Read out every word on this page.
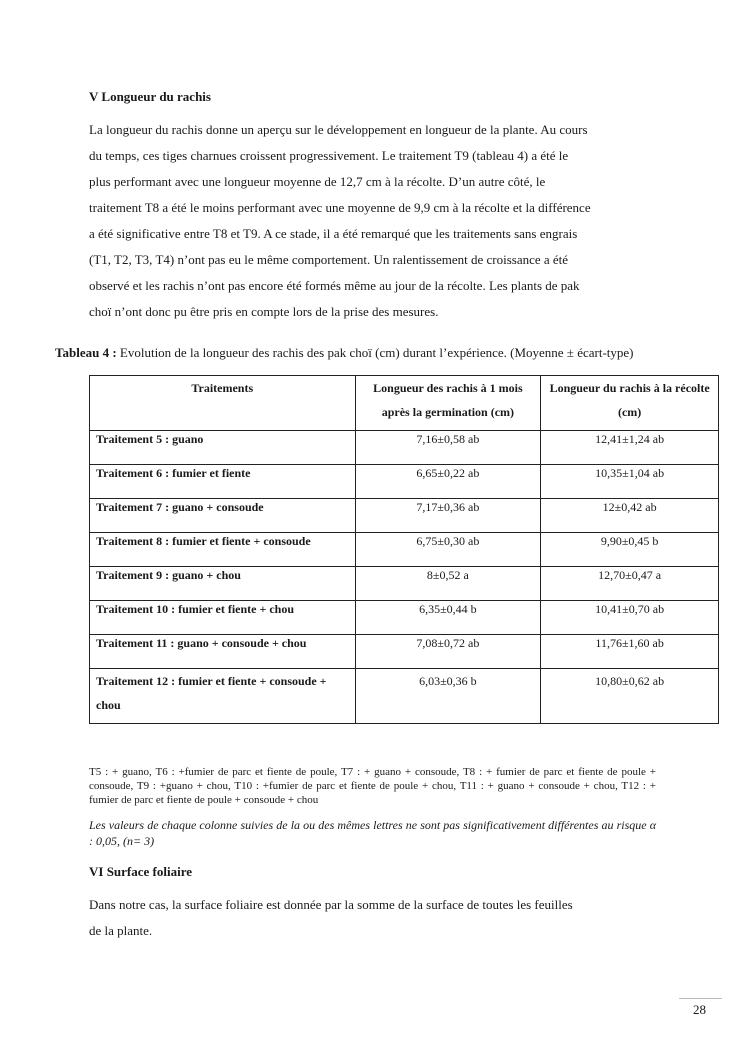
V Longueur du rachis
La longueur du rachis donne un aperçu sur le développement en longueur de la plante. Au cours
du temps, ces tiges charnues croissent progressivement. Le traitement T9 (tableau 4) a été le
plus performant avec une longueur moyenne de 12,7 cm à la récolte. D’un autre côté, le
traitement T8 a été le moins performant avec une moyenne de 9,9 cm à la récolte et la différence
a été significative entre T8 et T9. A ce stade, il a été remarqué que les traitements sans engrais
(T1, T2, T3, T4) n’ont pas eu le même comportement. Un ralentissement de croissance a été
observé et les rachis n’ont pas encore été formés même au jour de la récolte. Les plants de pak
choï n’ont donc pu être pris en compte lors de la prise des mesures.
Tableau 4 : Evolution de la longueur des rachis des pak choï (cm) durant l’expérience. (Moyenne ± écart-type)
Traitements	Longueur des rachis à 1 mois après la germination (cm)	Longueur du rachis à la récolte (cm)
Traitement 5 : guano	7,16±0,58 ab	12,41±1,24 ab
Traitement 6 : fumier et fiente	6,65±0,22 ab	10,35±1,04 ab
Traitement 7 : guano + consoude	7,17±0,36 ab	12±0,42 ab
Traitement 8 : fumier et fiente + consoude	6,75±0,30 ab	9,90±0,45 b
Traitement 9 : guano + chou	8±0,52 a	12,70±0,47 a
Traitement 10 : fumier et fiente + chou	6,35±0,44 b	10,41±0,70 ab
Traitement 11 : guano + consoude + chou	7,08±0,72 ab	11,76±1,60 ab
Traitement 12 : fumier et fiente + consoude + chou	6,03±0,36 b	10,80±0,62 ab
T5 : + guano, T6 : +fumier de parc et fiente de poule, T7 : + guano + consoude, T8 : + fumier de parc et fiente de poule + consoude, T9 : +guano + chou, T10 : +fumier de parc et fiente de poule + chou, T11 : + guano + consoude + chou, T12 : + fumier de parc et fiente de poule + consoude + chou
Les valeurs de chaque colonne suivies de la ou des mêmes lettres ne sont pas significativement différentes au risque α : 0,05, (n= 3)
VI Surface foliaire
Dans notre cas, la surface foliaire est donnée par la somme de la surface de toutes les feuilles
de la plante.
28
